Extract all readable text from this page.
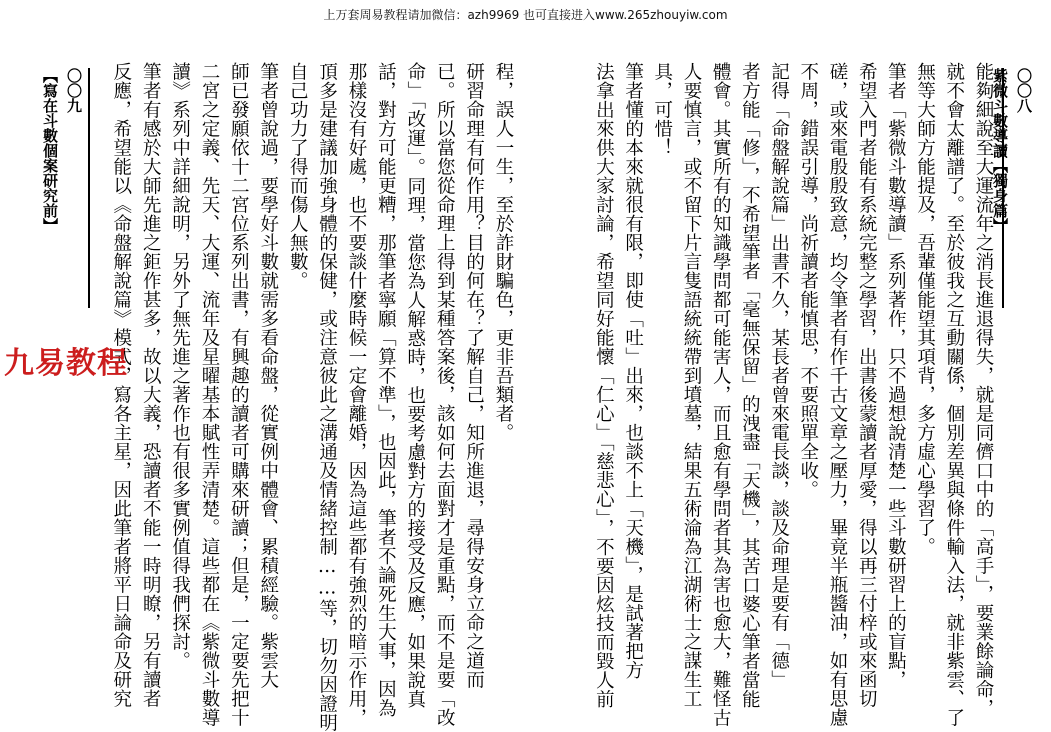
上万套周易教程请加微信：azh9969 也可直接进入www.265zhouyiw.com
〇〇九
【寫在斗數個案研究前】	程，誤人一生，至於詐財騙色，更非吾類者。
研習命理有何作用？目的何在？了解自己，知所進退，尋得安身立命之道而
已。所以當您從命理上得到某種答案後，該如何去面對才是重點，而不是要「改
命」「改運」。同理，當您為人解惑時，也要考慮對方的接受及反應，如果說真
話，對方可能更糟，那筆者寧願「算不準」，也因此，筆者不論死生大事，因為
那樣沒有好處，也不要談什麼時候一定會離婚，因為這些都有強烈的暗示作用，
頂多是建議加強身體的保健，或注意彼此之溝通及情緒控制……等，切勿因證明
自己功力了得而傷人無數。
筆者曾說過，要學好斗數就需多看命盤，從實例中體會、累積經驗。紫雲大
師已發願依十二宮位系列出書，有興趣的讀者可購來研讀；但是，一定要先把十
二宮之定義、先天、大運、流年及星曜基本賦性弄清楚。這些都在《紫微斗數導
讀》系列中詳細說明，另外了無先進之著作也有很多實例值得我們探討。
筆者有感於大師先進之鉅作甚多，故以大義，恐讀者不能一時明瞭，另有讀者
反應，希望能以《命盤解說篇》模式，寫各主星，因此筆者將平日論命及研究	能夠細說至大運流年之消長進退得失，就是同儕口中的「高手」，要業餘論命，
就不會太離譜了。至於彼我之互動關係，個別差異與條件輸入法，就非紫雲、了
無等大師方能提及，吾輩僅能望其項背，多方虛心學習了。
筆者「紫微斗數導讀」系列著作，只不過想說清楚一些斗數研習上的盲點，
希望入門者能有系統完整之學習，出書後蒙讀者厚愛，得以再三付梓或來函切
磋，或來電殷殷致意，均令筆者有作千古文章之壓力，畢竟半瓶醬油，如有思慮
不周，錯誤引導，尚祈讀者能慎思，不要照單全收。
記得「命盤解說篇」出書不久，某長者曾來電長談，談及命理是要有「德」
者方能「修」，不希望筆者「毫無保留」的洩盡「天機」，其苦口婆心筆者當能
體會。其實所有的知識學問都可能害人，而且愈有學問者其為害也愈大，難怪古
人要慎言，或不留下片言隻語統統帶到墳墓，結果五術淪為江湖術士之謀生工
具，可惜！
筆者懂的本來就很有限，即使「吐」出來，也談不上「天機」，是試著把方
法拿出來供大家討論，希望同好能懷「仁心」「慈悲心」，不要因炫技而毀人前	〇〇八
紫微斗數導讀【獨身篇】
九易教程
